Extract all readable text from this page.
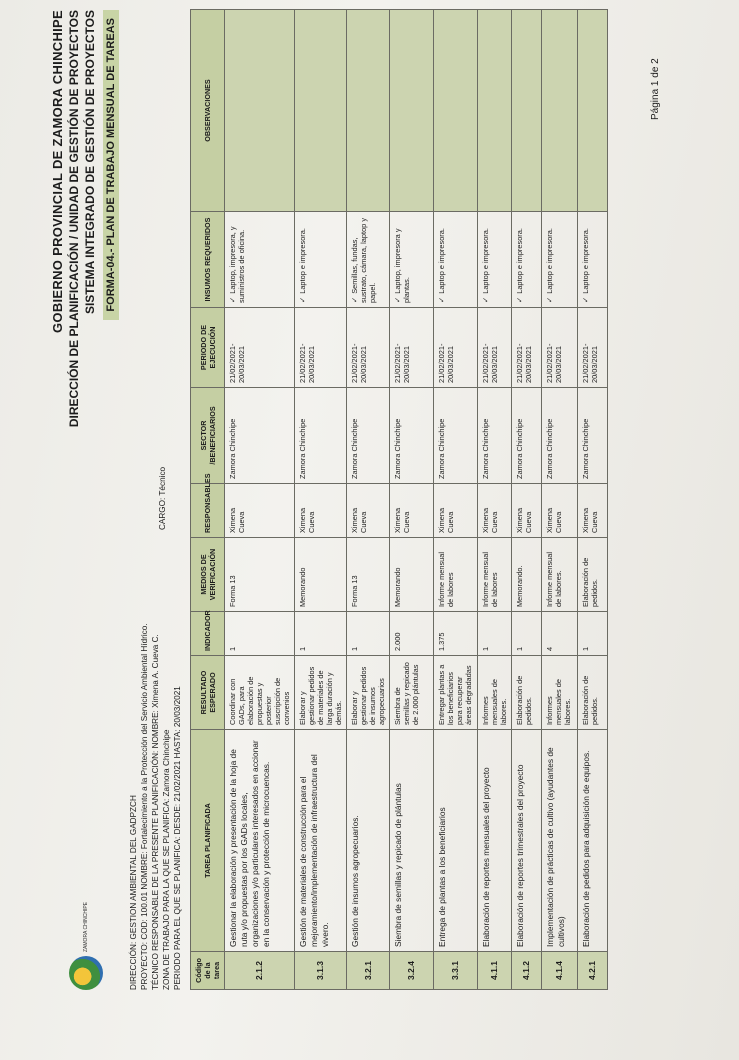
ZAMORA CHINCHIPE
GOBIERNO PROVINCIAL DE ZAMORA CHINCHIPE DIRECCIÓN DE PLANIFICACIÓN / UNIDAD DE GESTIÓN DE PROYECTOS SISTEMA INTEGRADO DE GESTIÓN DE PROYECTOS FORMA-04.- PLAN DE TRABAJO MENSUAL DE TAREAS
DIRECCIÓN: GESTION AMBIENTAL DEL GADPZCH PROYECTO: COD: 100.01 NOMBRE: Fortalecimiento a la Protección del Servicio Ambiental Hídrico. TÉCNICO RESPONSABLE DE LA PRESENTE PLANIFICACIÓN: NOMBRE: Ximena A. Cueva C. ZONA DE TRABAJO PARA LA QUE SE PLANIFICA: Zamora Chinchipe PERIODO PARA EL QUE SE PLANIFICA: DESDE: 21/02/2021 HASTA: 20/03/2021
CARGO: Técnico
Código de la tarea	TAREA PLANIFICADA	RESULTADO ESPERADO	INDICADOR	MEDIOS DE VERIFICACIÓN	RESPONSABLES	SECTOR /BENEFICIARIOS	PERIODO DE EJECUCIÓN	INSUMOS REQUERIDOS	OBSERVACIONES
2.1.2	Gestionar la elaboración y presentación de la hoja de ruta y/o propuestas por los GADs locales, organizaciones y/o particulares interesados en accionar en la conservación y protección de microcuencas.	Coordinar con GADs, para elaboración de propuestas y posterior suscripción de convenios	1	Forma 13	Ximena Cueva	Zamora Chinchipe	21/02/2021-20/03/2021	✓Laptop, impresora, y suministros de oficina.	
3.1.3	Gestión de materiales de construcción para el mejoramiento/implementación de infraestructura del vivero.	Elaborar y gestionar pedidos de materiales de larga duración y demás.	1	Memorando	Ximena Cueva	Zamora Chinchipe	21/02/2021-20/03/2021	✓Laptop e impresora.	
3.2.1	Gestión de insumos agropecuarios.	Elaborar y gestionar pedidos de insumos agropecuarios	1	Forma 13	Ximena Cueva	Zamora Chinchipe	21/02/2021-20/03/2021	✓Semillas, fundas, sustrato, cámara, laptop y papel.	
3.2.4	Siembra de semillas y repicado de plántulas	Siembra de semillas y repicado de 2.000 plántulas	2.000	Memorando	Ximena Cueva	Zamora Chinchipe	21/02/2021-20/03/2021	✓Laptop, impresora y plantas.	
3.3.1	Entrega de plantas a los beneficiarios	Entregar plantas a los beneficiarios para recuperar áreas degradadas	1.375	Informe mensual de labores	Ximena Cueva	Zamora Chinchipe	21/02/2021-20/03/2021	✓Laptop e impresora.	
4.1.1	Elaboración de reportes mensuales del proyecto	Informes mensuales de labores.	1	Informe mensual de labores	Ximena Cueva	Zamora Chinchipe	21/02/2021-20/03/2021	✓Laptop e impresora.	
4.1.2	Elaboración de reportes trimestrales del proyecto	Elaboración de pedidos.	1	Memorando.	Ximena Cueva	Zamora Chinchipe	21/02/2021-20/03/2021	✓Laptop e impresora.	
4.1.4	Implementación de prácticas de cultivo (ayudantes de cultivos)	Informes mensuales de labores.	4	Informe mensual de labores.	Ximena Cueva	Zamora Chinchipe	21/02/2021-20/03/2021	✓Laptop e impresora.	
4.2.1	Elaboración de pedidos para adquisición de equipos.	Elaboración de pedidos.	1	Elaboración de pedidos.	Ximena Cueva	Zamora Chinchipe	21/02/2021-20/03/2021	✓Laptop e impresora.	
Página 1 de 2
